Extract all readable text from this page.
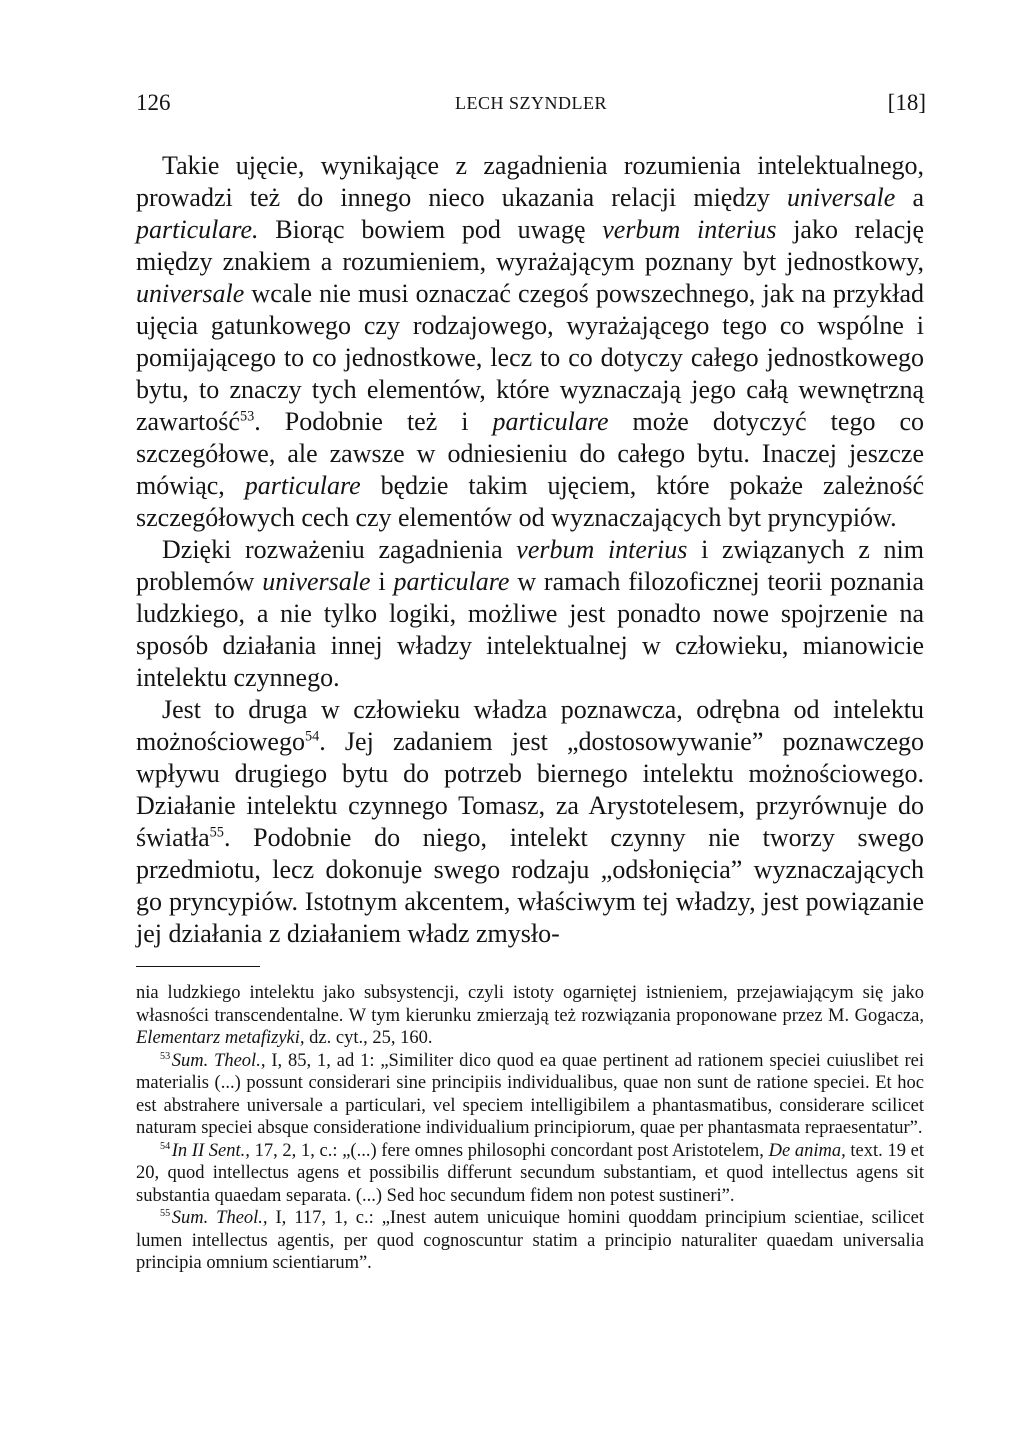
126	LECH SZYNDLER	[18]

Takie ujęcie, wynikające z zagadnienia rozumienia intelektualnego, prowadzi też do innego nieco ukazania relacji między universale a particulare. Biorąc bowiem pod uwagę verbum interius jako relację między znakiem a rozumieniem, wyrażającym poznany byt jednostkowy, universale wcale nie musi oznaczać czegoś powszechnego, jak na przykład ujęcia gatunkowego czy rodzajowego, wyrażającego tego co wspólne i pomijającego to co jednostkowe, lecz to co dotyczy całego jednostkowego bytu, to znaczy tych elementów, które wyznaczają jego całą wewnętrzną zawartość$^{53}$. Podobnie też i particulare może dotyczyć tego co szczegółowe, ale zawsze w odniesieniu do całego bytu. Inaczej jeszcze mówiąc, particulare będzie takim ujęciem, które pokaże zależność szczegółowych cech czy elementów od wyznaczających byt pryncypiów.

Dzięki rozważeniu zagadnienia verbum interius i związanych z nim problemów universale i particulare w ramach filozoficznej teorii poznania ludzkiego, a nie tylko logiki, możliwe jest ponadto nowe spojrzenie na sposób działania innej władzy intelektualnej w człowieku, mianowicie intelektu czynnego.

Jest to druga w człowieku władza poznawcza, odrębna od intelektu możnościowego$^{54}$. Jej zadaniem jest „dostosowywanie” poznawczego wpływu drugiego bytu do potrzeb biernego intelektu możnościowego. Działanie intelektu czynnego Tomasz, za Arystotelesem, przyrównuje do światła$^{55}$. Podobnie do niego, intelekt czynny nie tworzy swego przedmiotu, lecz dokonuje swego rodzaju „odsłonięcia” wyznaczających go pryncypiów. Istotnym akcentem, właściwym tej władzy, jest powiązanie jej działania z działaniem władz zmysło-

nia ludzkiego intelektu jako subsystencji, czyli istoty ogarniętej istnieniem, przejawiającym się jako własności transcendentalne. W tym kierunku zmierzają też rozwiązania proponowane przez M. Gogacza, Elementarz metafizyki, dz. cyt., 25, 160.

$^{53}$ Sum. Theol., I, 85, 1, ad 1: „Similiter dico quod ea quae pertinent ad rationem speciei cuiuslibet rei materialis (...) possunt considerari sine principiis individualibus, quae non sunt de ratione speciei. Et hoc est abstrahere universale a particulari, vel speciem intelligibilem a phantasmatibus, considerare scilicet naturam speciei absque consideratione individualium principiorum, quae per phantasmata repraesentatur”.

$^{54}$ In II Sent., 17, 2, 1, c.: „(...) fere omnes philosophi concordant post Aristotelem, De anima, text. 19 et 20, quod intellectus agens et possibilis differunt secundum substantiam, et quod intellectus agens sit substantia quaedam separata. (...) Sed hoc secundum fidem non potest sustineri”.

$^{55}$ Sum. Theol., I, 117, 1, c.: „Inest autem unicuique homini quoddam principium scientiae, scilicet lumen intellectus agentis, per quod cognoscuntur statim a principio naturaliter quaedam universalia principia omnium scientiarum”.
